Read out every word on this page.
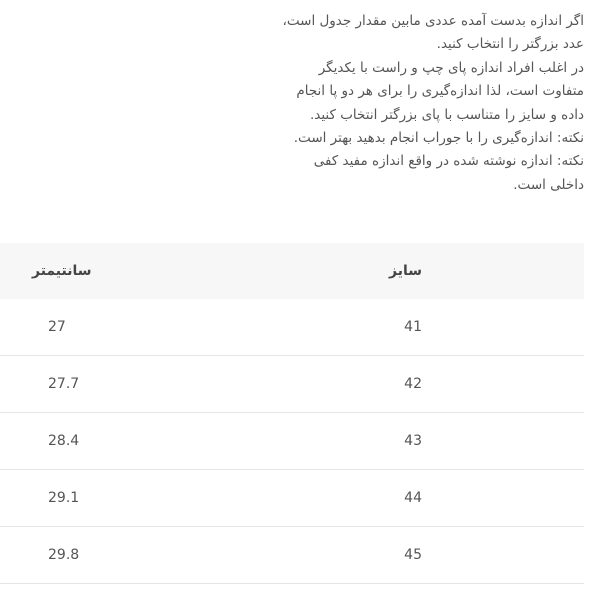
اگر اندازه بدست آمده عددی مابین مقدار جدول است،
عدد بزرگتر را انتخاب کنید.
در اغلب افراد اندازه پای چپ و راست با یکدیگر
متفاوت است، لذا اندازه‌گیری را برای هر دو پا انجام
داده و سایز را متناسب با پای بزرگتر انتخاب کنید.
نکته: اندازه‌گیری را با جوراب انجام بدهید بهتر است.
نکته: اندازه نوشته شده در واقع اندازه مفید کفی
داخلی است.
سایز	سانتیمتر
41	27
42	27.7
43	28.4
44	29.1
45	29.8
